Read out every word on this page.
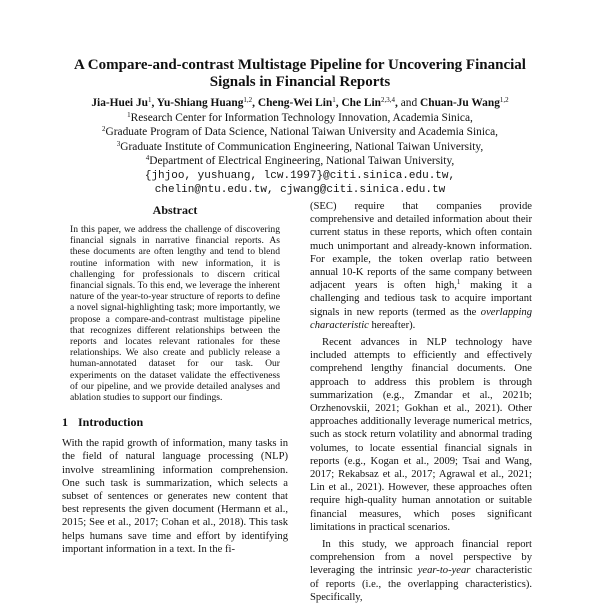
A Compare-and-contrast Multistage Pipeline for Uncovering Financial Signals in Financial Reports
Jia-Huei Ju$^1$, Yu-Shiang Huang$^{1,2}$, Cheng-Wei Lin$^1$, Che Lin$^{2,3,4}$, and Chuan-Ju Wang$^{1,2}$
$^1$Research Center for Information Technology Innovation, Academia Sinica,
$^2$Graduate Program of Data Science, National Taiwan University and Academia Sinica,
$^3$Graduate Institute of Communication Engineering, National Taiwan University,
$^4$Department of Electrical Engineering, National Taiwan University,
{jhjoo, yushuang, lcw.1997}@citi.sinica.edu.tw,
chelin@ntu.edu.tw, cjwang@citi.sinica.edu.tw
Abstract

In this paper, we address the challenge of discovering financial signals in narrative financial reports. As these documents are often lengthy and tend to blend routine information with new information, it is challenging for professionals to discern critical financial signals. To this end, we leverage the inherent nature of the year-to-year structure of reports to define a novel signal-highlighting task; more importantly, we propose a compare-and-contrast multistage pipeline that recognizes different relationships between the reports and locates relevant rationales for these relationships. We also create and publicly release a human-annotated dataset for our task. Our experiments on the dataset validate the effectiveness of our pipeline, and we provide detailed analyses and ablation studies to support our findings.

1 Introduction

With the rapid growth of information, many tasks in the field of natural language processing (NLP) involve streamlining information comprehension. One such task is summarization, which selects a subset of sentences or generates new content that best represents the given document (Hermann et al., 2015; See et al., 2017; Cohan et al., 2018). This task helps humans save time and effort by identifying important information in a text. In the fi-

(SEC) require that companies provide comprehensive and detailed information about their current status in these reports, which often contain much unimportant and already-known information. For example, the token overlap ratio between annual 10-K reports of the same company between adjacent years is often high,$^1$ making it a challenging and tedious task to acquire important signals in new reports (termed as the overlapping characteristic hereafter).

Recent advances in NLP technology have included attempts to efficiently and effectively comprehend lengthy financial documents. One approach to address this problem is through summarization (e.g., Zmandar et al., 2021b; Orzhenovskii, 2021; Gokhan et al., 2021). Other approaches additionally leverage numerical metrics, such as stock return volatility and abnormal trading volumes, to locate essential financial signals in reports (e.g., Kogan et al., 2009; Tsai and Wang, 2017; Rekabsaz et al., 2017; Agrawal et al., 2021; Lin et al., 2021). However, these approaches often require high-quality human annotation or suitable financial measures, which poses significant limitations in practical scenarios.

In this study, we approach financial report comprehension from a novel perspective by leveraging the intrinsic year-to-year characteristic of reports (i.e., the overlapping characteristics). Specifically,
